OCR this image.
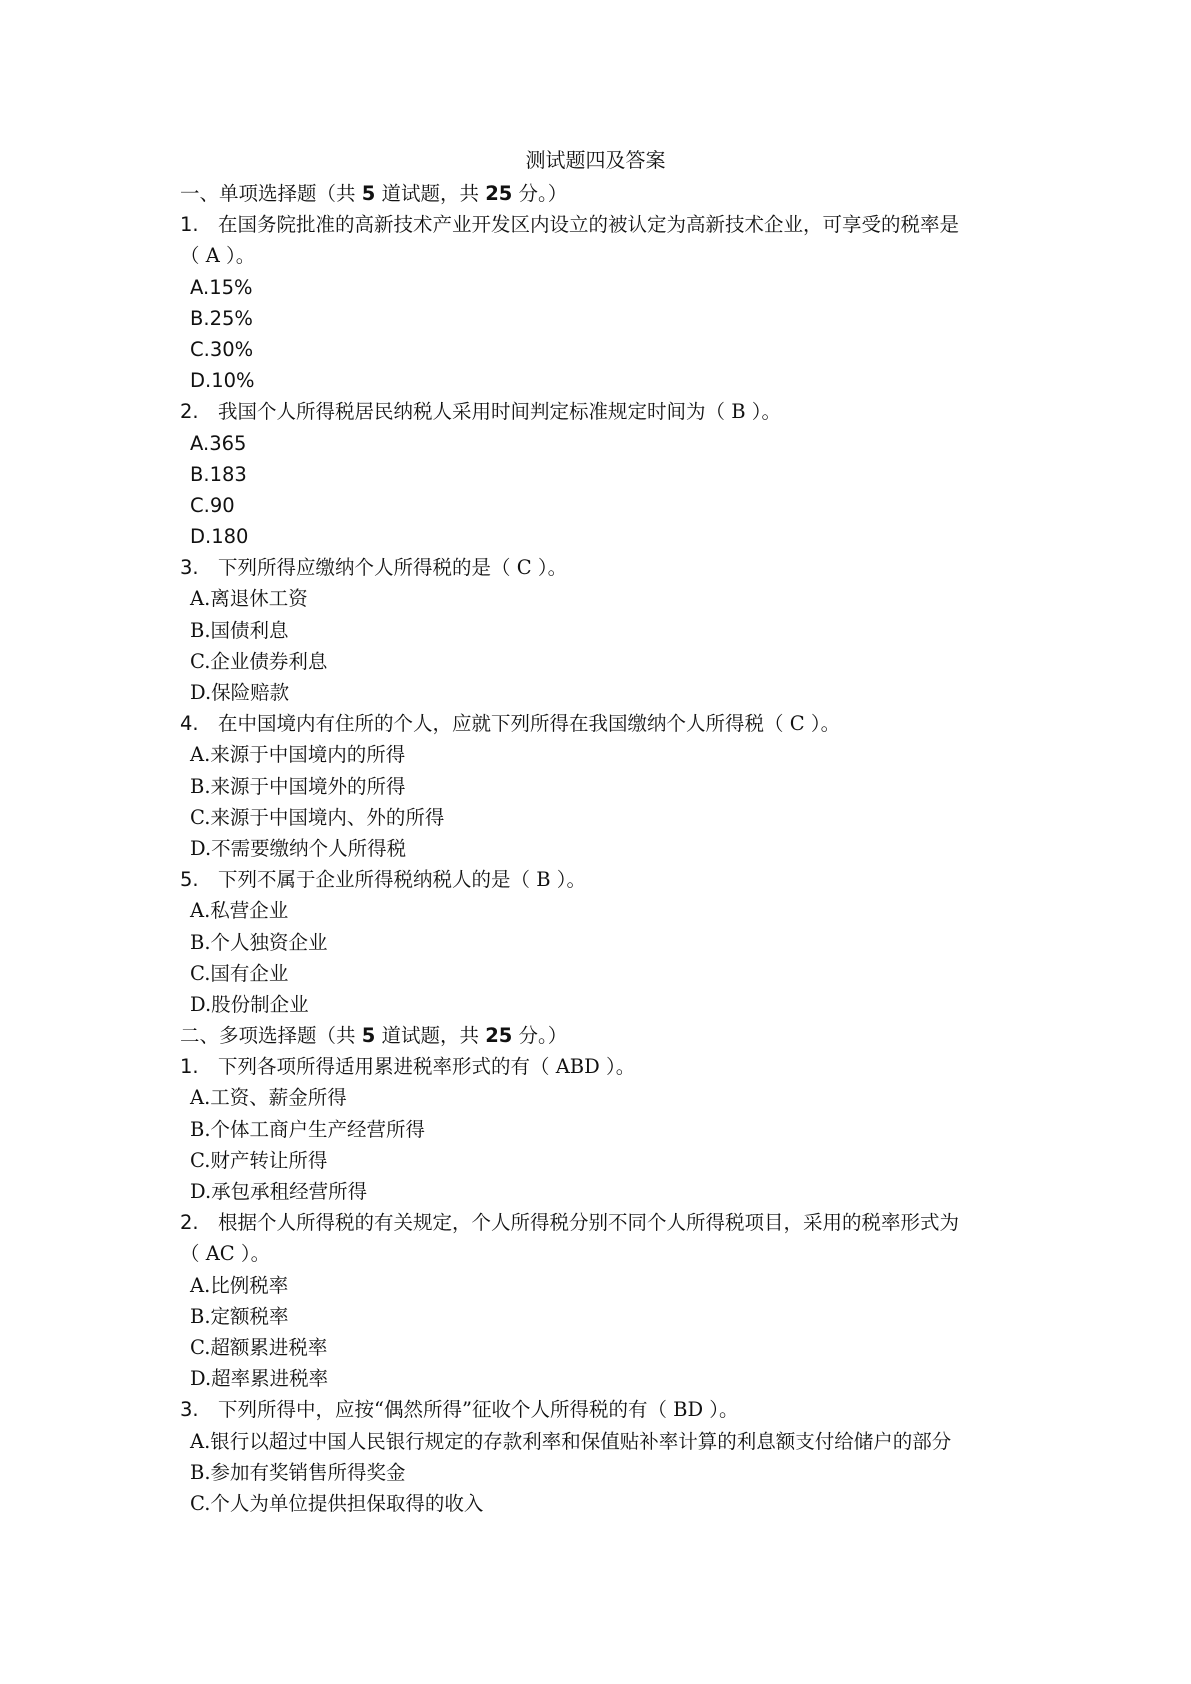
测试题四及答案
一、单项选择题（共 5 道试题，共 25 分。）
1. 在国务院批准的高新技术产业开发区内设立的被认定为高新技术企业，可享受的税率是
（ A ）。
A.15%
B.25%
C.30%
D.10%
2. 我国个人所得税居民纳税人采用时间判定标准规定时间为（ B ）。
A.365
B.183
C.90
D.180
3. 下列所得应缴纳个人所得税的是（ C ）。
A.离退休工资
B.国债利息
C.企业债券利息
D.保险赔款
4. 在中国境内有住所的个人，应就下列所得在我国缴纳个人所得税（ C ）。
A.来源于中国境内的所得
B.来源于中国境外的所得
C.来源于中国境内、外的所得
D.不需要缴纳个人所得税
5. 下列不属于企业所得税纳税人的是（ B ）。
A.私营企业
B.个人独资企业
C.国有企业
D.股份制企业
二、多项选择题（共 5 道试题，共 25 分。）
1. 下列各项所得适用累进税率形式的有（ ABD ）。
A.工资、薪金所得
B.个体工商户生产经营所得
C.财产转让所得
D.承包承租经营所得
2. 根据个人所得税的有关规定，个人所得税分别不同个人所得税项目，采用的税率形式为
（ AC ）。
A.比例税率
B.定额税率
C.超额累进税率
D.超率累进税率
3. 下列所得中，应按“偶然所得”征收个人所得税的有（ BD ）。
A.银行以超过中国人民银行规定的存款利率和保值贴补率计算的利息额支付给储户的部分
B.参加有奖销售所得奖金
C.个人为单位提供担保取得的收入
